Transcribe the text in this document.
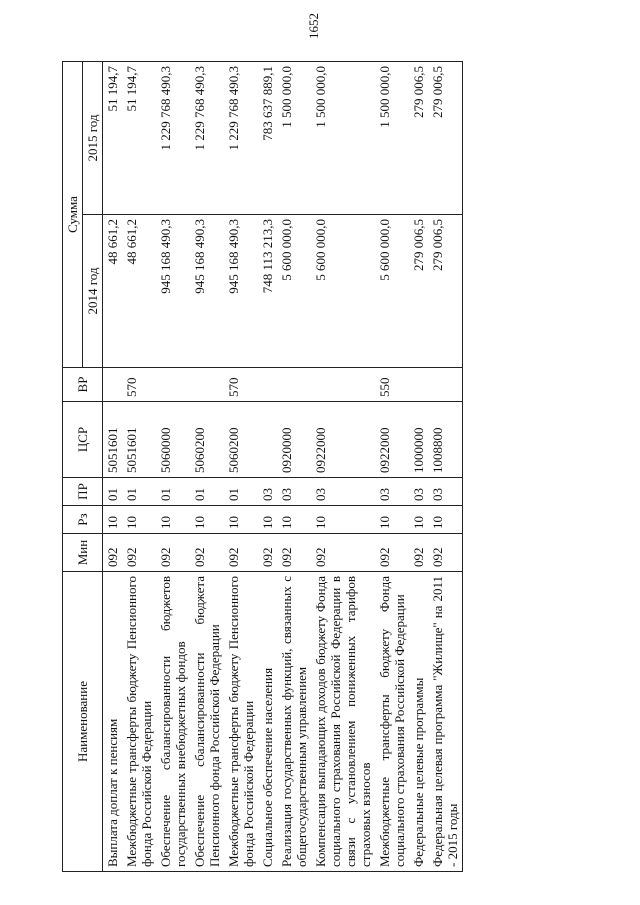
1652
Наименование	Мин	Рз	ПР	ЦСР	ВР	Сумма	
						2014 год	2015 год
Выплата доплат к пенсиям	092	10	01	5051601		48 661,2	51 194,7
Межбюджетные трансферты бюджету Пенсионного фонда Российской Федерации	092	10	01	5051601	570	48 661,2	51 194,7
Обеспечение сбалансированности бюджетов государственных внебюджетных фондов	092	10	01	5060000		945 168 490,3	1 229 768 490,3
Обеспечение сбалансированности бюджета Пенсионного фонда Российской Федерации	092	10	01	5060200		945 168 490,3	1 229 768 490,3
Межбюджетные трансферты бюджету Пенсионного фонда Российской Федерации	092	10	01	5060200	570	945 168 490,3	1 229 768 490,3
Социальное обеспечение населения	092	10	03			748 113 213,3	783 637 889,1
Реализация государственных функций, связанных с общегосударственным управлением	092	10	03	0920000		5 600 000,0	1 500 000,0
Компенсация выпадающих доходов бюджету Фонда социального страхования Российской Федерации в связи с установлением пониженных тарифов страховых взносов	092	10	03	0922000		5 600 000,0	1 500 000,0
Межбюджетные трансферты бюджету Фонда социального страхования Российской Федерации	092	10	03	0922000	550	5 600 000,0	1 500 000,0
Федеральные целевые программы	092	10	03	1000000		279 006,5	279 006,5
Федеральная целевая программа "Жилище" на 2011 - 2015 годы	092	10	03	1008800		279 006,5	279 006,5
